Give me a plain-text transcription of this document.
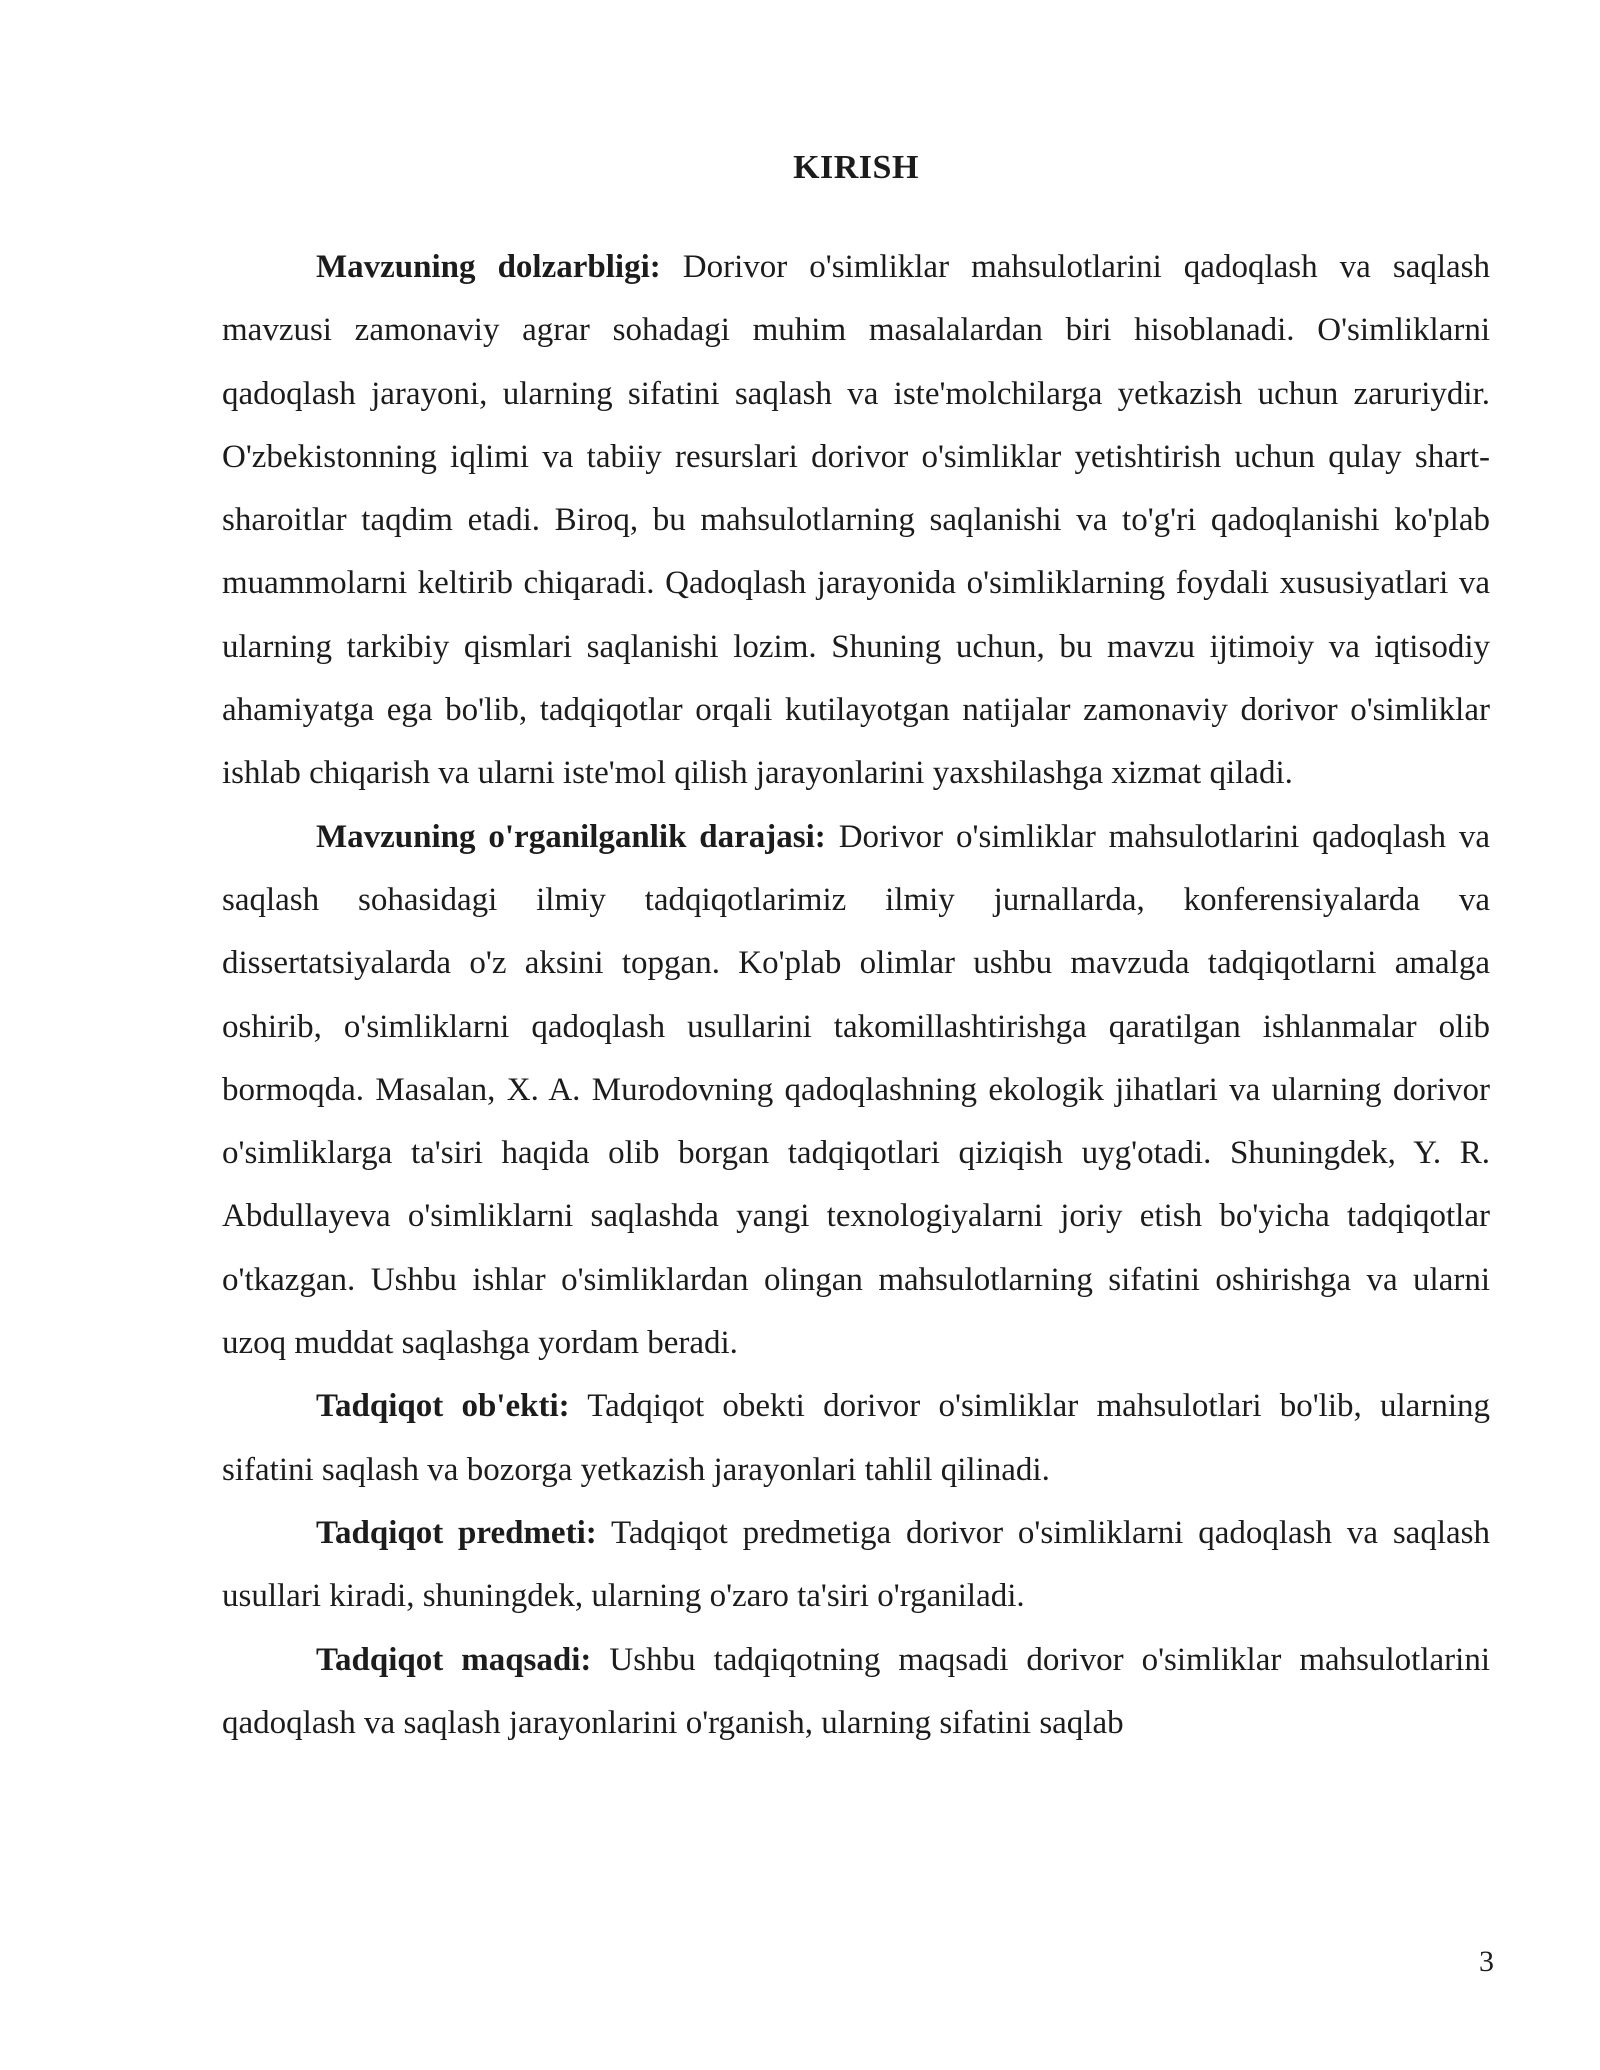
KIRISH

Mavzuning dolzarbligi: Dorivor o'simliklar mahsulotlarini qadoqlash va saqlash mavzusi zamonaviy agrar sohadagi muhim masalalardan biri hisoblanadi. O'simliklarni qadoqlash jarayoni, ularning sifatini saqlash va iste'molchilarga yetkazish uchun zaruriydir. O'zbekistonning iqlimi va tabiiy resurslari dorivor o'simliklar yetishtirish uchun qulay shart-sharoitlar taqdim etadi. Biroq, bu mahsulotlarning saqlanishi va to'g'ri qadoqlanishi ko'plab muammolarni keltirib chiqaradi. Qadoqlash jarayonida o'simliklarning foydali xususiyatlari va ularning tarkibiy qismlari saqlanishi lozim. Shuning uchun, bu mavzu ijtimoiy va iqtisodiy ahamiyatga ega bo'lib, tadqiqotlar orqali kutilayotgan natijalar zamonaviy dorivor o'simliklar ishlab chiqarish va ularni iste'mol qilish jarayonlarini yaxshilashga xizmat qiladi.

Mavzuning o'rganilganlik darajasi: Dorivor o'simliklar mahsulotlarini qadoqlash va saqlash sohasidagi ilmiy tadqiqotlarimiz ilmiy jurnallarda, konferensiyalarda va dissertatsiyalarda o'z aksini topgan. Ko'plab olimlar ushbu mavzuda tadqiqotlarni amalga oshirib, o'simliklarni qadoqlash usullarini takomillashtirishga qaratilgan ishlanmalar olib bormoqda. Masalan, X. A. Murodovning qadoqlashning ekologik jihatlari va ularning dorivor o'simliklarga ta'siri haqida olib borgan tadqiqotlari qiziqish uyg'otadi. Shuningdek, Y. R. Abdullayeva o'simliklarni saqlashda yangi texnologiyalarni joriy etish bo'yicha tadqiqotlar o'tkazgan. Ushbu ishlar o'simliklardan olingan mahsulotlarning sifatini oshirishga va ularni uzoq muddat saqlashga yordam beradi.

Tadqiqot ob'ekti: Tadqiqot obekti dorivor o'simliklar mahsulotlari bo'lib, ularning sifatini saqlash va bozorga yetkazish jarayonlari tahlil qilinadi.

Tadqiqot predmeti: Tadqiqot predmetiga dorivor o'simliklarni qadoqlash va saqlash usullari kiradi, shuningdek, ularning o'zaro ta'siri o'rganiladi.

Tadqiqot maqsadi: Ushbu tadqiqotning maqsadi dorivor o'simliklar mahsulotlarini qadoqlash va saqlash jarayonlarini o'rganish, ularning sifatini saqlab

3
